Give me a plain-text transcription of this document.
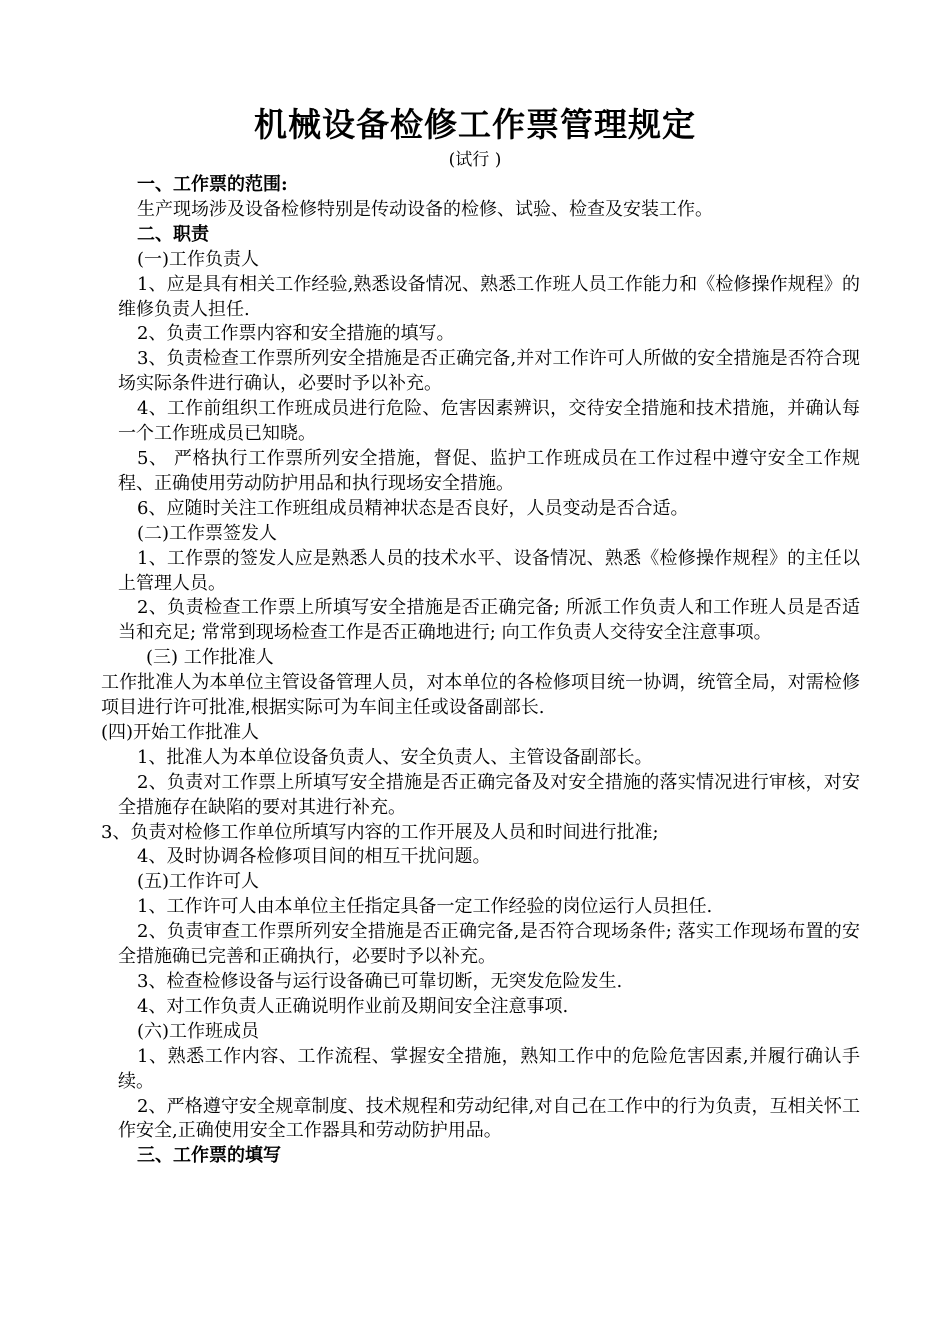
机械设备检修工作票管理规定
(试行 )

一、工作票的范围:

生产现场涉及设备检修特别是传动设备的检修、试验、检查及安装工作。

二、职责

(一)工作负责人

1、应是具有相关工作经验,熟悉设备情况、熟悉工作班人员工作能力和《检修操作规程》的维修负责人担任.

2、负责工作票内容和安全措施的填写。

3、负责检查工作票所列安全措施是否正确完备,并对工作许可人所做的安全措施是否符合现场实际条件进行确认，必要时予以补充。

4、工作前组织工作班成员进行危险、危害因素辨识，交待安全措施和技术措施，并确认每一个工作班成员已知晓。

5、 严格执行工作票所列安全措施，督促、监护工作班成员在工作过程中遵守安全工作规程、正确使用劳动防护用品和执行现场安全措施。

6、应随时关注工作班组成员精神状态是否良好，人员变动是否合适。

(二)工作票签发人

1、工作票的签发人应是熟悉人员的技术水平、设备情况、熟悉《检修操作规程》的主任以上管理人员。

2、负责检查工作票上所填写安全措施是否正确完备; 所派工作负责人和工作班人员是否适当和充足; 常常到现场检查工作是否正确地进行; 向工作负责人交待安全注意事项。

(三) 工作批准人

工作批准人为本单位主管设备管理人员，对本单位的各检修项目统一协调，统管全局，对需检修项目进行许可批准,根据实际可为车间主任或设备副部长.

(四)开始工作批准人

1、批准人为本单位设备负责人、安全负责人、主管设备副部长。

2、负责对工作票上所填写安全措施是否正确完备及对安全措施的落实情况进行审核，对安全措施存在缺陷的要对其进行补充。

3、负责对检修工作单位所填写内容的工作开展及人员和时间进行批准;

4、及时协调各检修项目间的相互干扰问题。

(五)工作许可人

1、工作许可人由本单位主任指定具备一定工作经验的岗位运行人员担任.

2、负责审查工作票所列安全措施是否正确完备,是否符合现场条件; 落实工作现场布置的安全措施确已完善和正确执行，必要时予以补充。

3、检查检修设备与运行设备确已可靠切断，无突发危险发生.

4、对工作负责人正确说明作业前及期间安全注意事项.

(六)工作班成员

1、熟悉工作内容、工作流程、掌握安全措施，熟知工作中的危险危害因素,并履行确认手续。

2、严格遵守安全规章制度、技术规程和劳动纪律,对自己在工作中的行为负责，互相关怀工作安全,正确使用安全工作器具和劳动防护用品。

三、工作票的填写
